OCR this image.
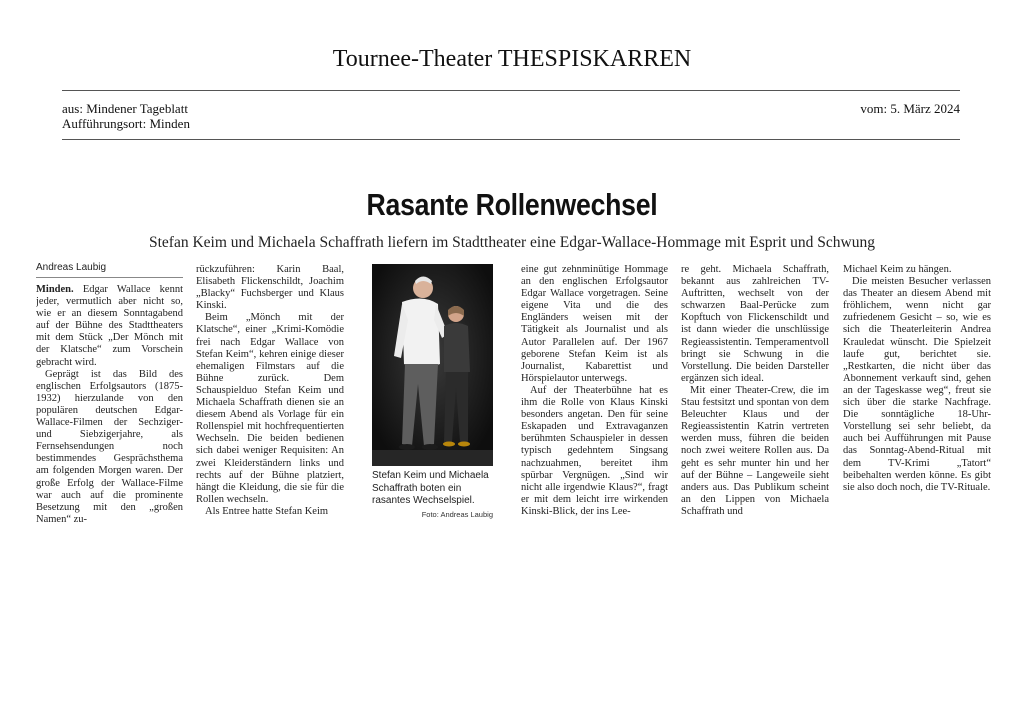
Tournee-Theater THESPISKARREN
aus: Mindener Tageblatt
Aufführungsort: Minden
vom: 5. März 2024
Rasante Rollenwechsel
Stefan Keim und Michaela Schaffrath liefern im Stadttheater eine Edgar-Wallace-Hommage mit Esprit und Schwung
Andreas Laubig

Minden. Edgar Wallace kennt jeder, vermutlich aber nicht so, wie er an diesem Sonntagabend auf der Bühne des Stadttheaters mit dem Stück „Der Mönch mit der Klatsche“ zum Vorschein gebracht wird.

Geprägt ist das Bild des englischen Erfolgsautors (1875-1932) hierzulande von den populären deutschen Edgar-Wallace-Filmen der Sechziger- und Siebzigerjahre, als Fernsehsendungen noch bestimmendes Gesprächsthema am folgenden Morgen waren. Der große Erfolg der Wallace-Filme war auch auf die prominente Besetzung mit den „großen Namen“ zu-

rückzuführen: Karin Baal, Elisabeth Flickenschildt, Joachim „Blacky“ Fuchsberger und Klaus Kinski.

Beim „Mönch mit der Klatsche“, einer „Krimi-Komödie frei nach Edgar Wallace von Stefan Keim“, kehren einige dieser ehemaligen Filmstars auf die Bühne zurück. Dem Schauspielduo Stefan Keim und Michaela Schaffrath dienen sie an diesem Abend als Vorlage für ein Rollenspiel mit hochfrequentierten Wechseln. Die beiden bedienen sich dabei weniger Requisiten: An zwei Kleiderständern links und rechts auf der Bühne platziert, hängt die Kleidung, die sie für die Rollen wechseln.

Als Entree hatte Stefan Keim

Stefan Keim und Michaela Schaffrath boten ein rasantes Wechselspiel.
Foto: Andreas Laubig

eine gut zehnminütige Hommage an den englischen Erfolgsautor Edgar Wallace vorgetragen. Seine eigene Vita und die des Engländers weisen mit der Tätigkeit als Journalist und als Autor Parallelen auf. Der 1967 geborene Stefan Keim ist als Journalist, Kabarettist und Hörspielautor unterwegs.

Auf der Theaterbühne hat es ihm die Rolle von Klaus Kinski besonders angetan. Den für seine Eskapaden und Extravaganzen berühmten Schauspieler in dessen typisch gedehntem Singsang nachzuahmen, bereitet ihm spürbar Vergnügen. „Sind wir nicht alle irgendwie Klaus?“, fragt er mit dem leicht irre wirkenden Kinski-Blick, der ins Lee-

re geht. Michaela Schaffrath, bekannt aus zahlreichen TV-Auftritten, wechselt von der schwarzen Baal-Perücke zum Kopftuch von Flickenschildt und ist dann wieder die unschlüssige Regieassistentin. Temperamentvoll bringt sie Schwung in die Vorstellung. Die beiden Darsteller ergänzen sich ideal.

Mit einer Theater-Crew, die im Stau festsitzt und spontan von dem Beleuchter Klaus und der Regieassistentin Katrin vertreten werden muss, führen die beiden noch zwei weitere Rollen aus. Da geht es sehr munter hin und her auf der Bühne – Langeweile sieht anders aus. Das Publikum scheint an den Lippen von Michaela Schaffrath und

Michael Keim zu hängen.

Die meisten Besucher verlassen das Theater an diesem Abend mit fröhlichem, wenn nicht gar zufriedenem Gesicht – so, wie es sich die Theaterleiterin Andrea Krauledat wünscht. Die Spielzeit laufe gut, berichtet sie. „Restkarten, die nicht über das Abonnement verkauft sind, gehen an der Tageskasse weg“, freut sie sich über die starke Nachfrage. Die sonntägliche 18-Uhr-Vorstellung sei sehr beliebt, da auch bei Aufführungen mit Pause das Sonntag-Abend-Ritual mit dem TV-Krimi „Tatort“ beibehalten werden könne. Es gibt sie also doch noch, die TV-Rituale.
